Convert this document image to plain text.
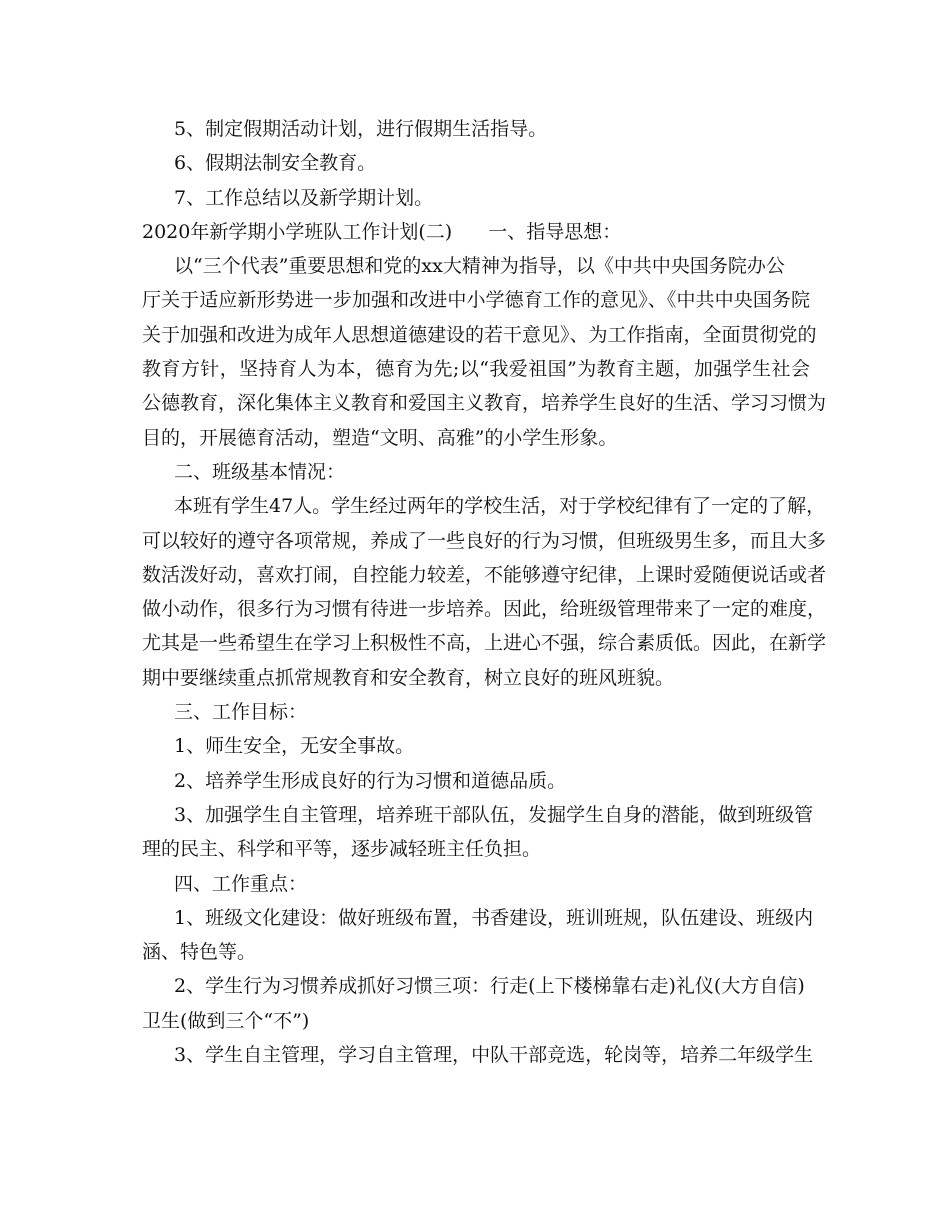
5、制定假期活动计划，进行假期生活指导。

6、假期法制安全教育。

7、工作总结以及新学期计划。

2020年新学期小学班队工作计划(二) 一、指导思想：

以“三个代表”重要思想和党的xx大精神为指导，以《中共中央国务院办公

厅关于适应新形势进一步加强和改进中小学德育工作的意见》、《中共中央国务院

关于加强和改进为成年人思想道德建设的若干意见》、为工作指南，全面贯彻党的

教育方针，坚持育人为本，德育为先;以“我爱祖国”为教育主题，加强学生社会

公德教育，深化集体主义教育和爱国主义教育，培养学生良好的生活、学习习惯为

目的，开展德育活动，塑造“文明、高雅”的小学生形象。

二、班级基本情况：

本班有学生47人。学生经过两年的学校生活，对于学校纪律有了一定的了解，

可以较好的遵守各项常规，养成了一些良好的行为习惯，但班级男生多，而且大多

数活泼好动，喜欢打闹，自控能力较差，不能够遵守纪律，上课时爱随便说话或者

做小动作，很多行为习惯有待进一步培养。因此，给班级管理带来了一定的难度，

尤其是一些希望生在学习上积极性不高，上进心不强，综合素质低。因此，在新学

期中要继续重点抓常规教育和安全教育，树立良好的班风班貌。

三、工作目标：

1、师生安全，无安全事故。

2、培养学生形成良好的行为习惯和道德品质。

3、加强学生自主管理，培养班干部队伍，发掘学生自身的潜能，做到班级管

理的民主、科学和平等，逐步减轻班主任负担。

四、工作重点：

1、班级文化建设：做好班级布置，书香建设，班训班规，队伍建设、班级内

涵、特色等。

2、学生行为习惯养成抓好习惯三项：行走(上下楼梯靠右走)礼仪(大方自信)

卫生(做到三个“不”)

3、学生自主管理，学习自主管理，中队干部竞选，轮岗等，培养二年级学生
